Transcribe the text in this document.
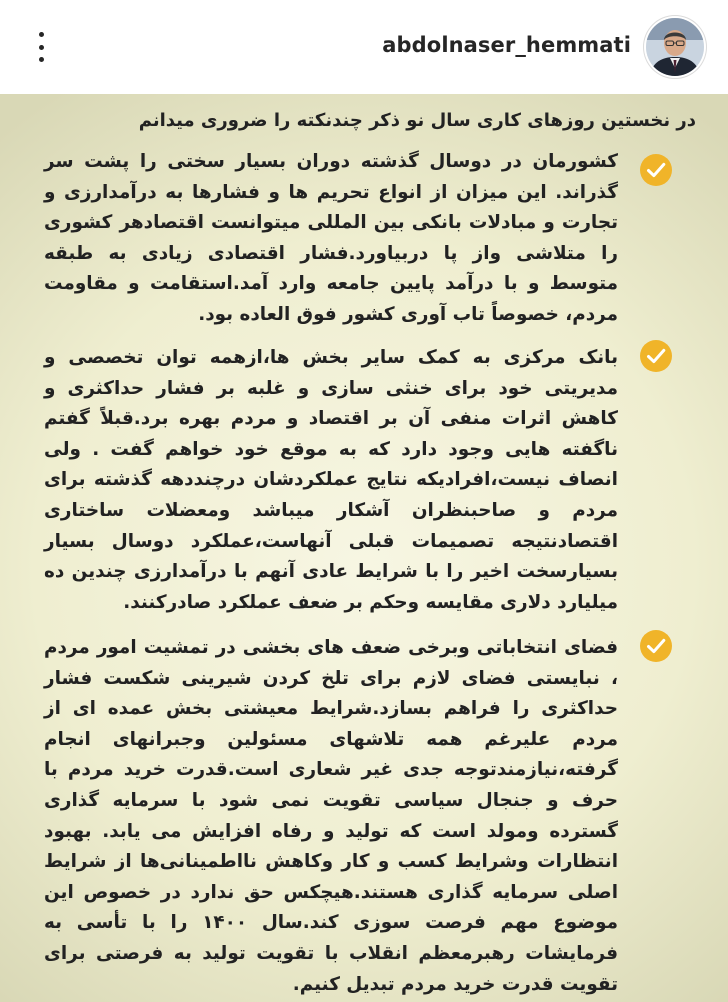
abdolnaser_hemmati

در نخستین روزهای کاری سال نو ذکر چندنکته را ضروری میدانم

کشورمان در دوسال گذشته دوران بسیار سختی را پشت سر گذراند. این میزان از انواع تحریم ها و فشارها به درآمدارزی و تجارت و مبادلات بانکی بین المللی میتوانست اقتصادهر کشوری را متلاشی واز پا دربیاورد.فشار اقتصادی زیادی به طبقه متوسط و با درآمد پایین جامعه وارد آمد.استقامت و مقاومت مردم، خصوصاً تاب آوری کشور فوق العاده بود.

بانک مرکزی به کمک سایر بخش ها،ازهمه توان تخصصی و مدیریتی خود برای خنثی سازی و غلبه بر فشار حداکثری و کاهش اثرات منفی آن بر اقتصاد و مردم بهره برد.قبلاً گفتم ناگفته هایی وجود دارد که به موقع خود خواهم گفت . ولی انصاف نیست،افرادیکه نتایج عملکردشان درچنددهه گذشته برای مردم و صاحبنظران آشکار میباشد ومعضلات ساختاری اقتصادنتیجه تصمیمات قبلی آنهاست،عملکرد دوسال بسیار بسیارسخت اخیر را با شرایط عادی آنهم با درآمدارزی چندین ده میلیارد دلاری مقایسه وحکم بر ضعف عملکرد صادرکنند.

فضای انتخاباتی وبرخی ضعف های بخشی در تمشیت امور مردم ، نبایستی فضای لازم برای تلخ کردن شیرینی شکست فشار حداکثری را فراهم بسازد.شرایط معیشتی بخش عمده ای از مردم علیرغم همه تلاشهای مسئولین وجبرانهای انجام گرفته،نیازمندتوجه جدی غیر شعاری است.قدرت خرید مردم با حرف و جنجال سیاسی تقویت نمی شود با سرمایه گذاری گسترده ومولد است که تولید و رفاه افزایش می یابد. بهبود انتظارات وشرایط کسب و کار وکاهش نااطمینانی‌ها از شرایط اصلی سرمایه گذاری هستند.هیچکس حق ندارد در خصوص این موضوع مهم فرصت سوزی کند.سال ۱۴۰۰ را با تأسی به فرمایشات رهبرمعظم انقلاب با تقویت تولید به فرصتی برای تقویت قدرت خرید مردم تبدیل کنیم.
